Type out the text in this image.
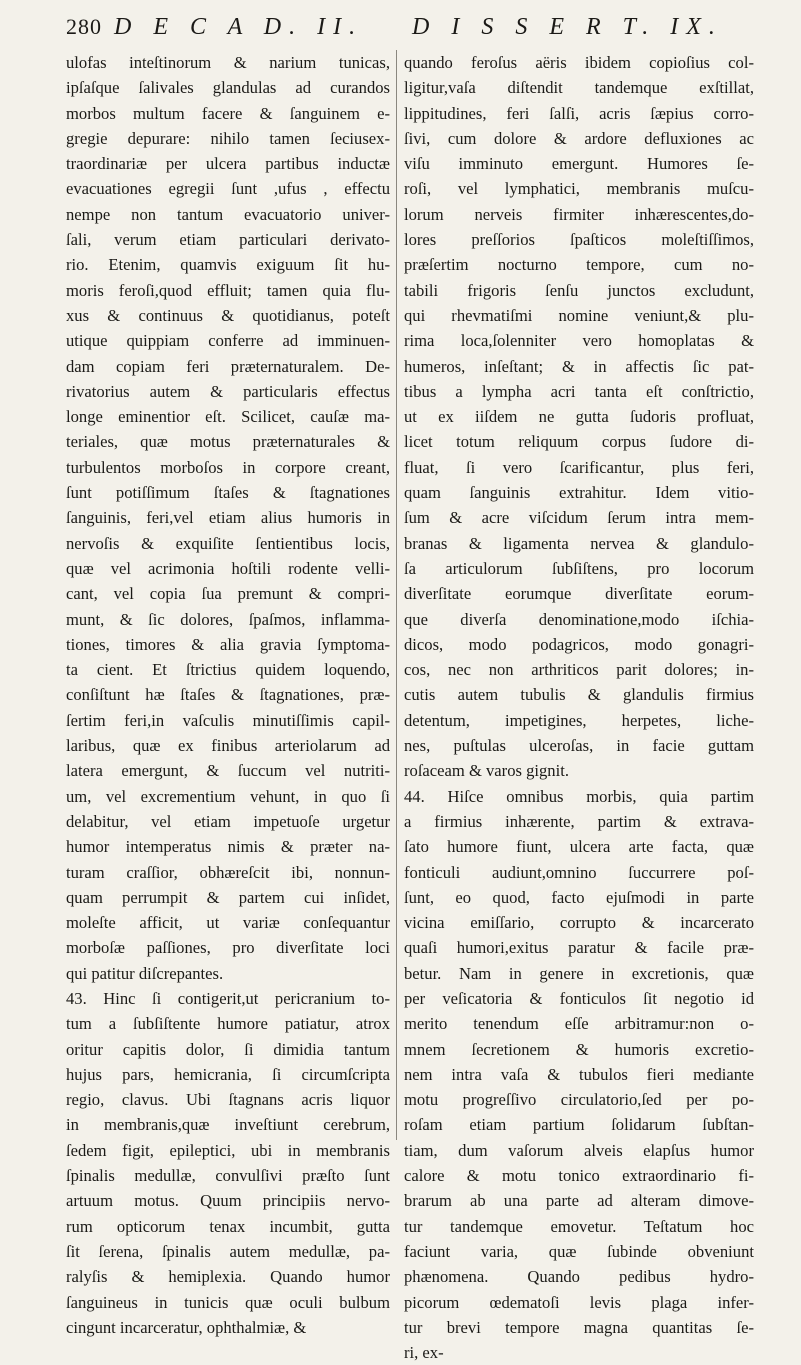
280 D E C A D. II. D I S S E R T. IX.
ulofas inteſtinorum & narium tunicas,
ipſaſque ſalivales glandulas ad curandos
morbos multum facere & ſanguinem e-
gregie depurare: nihilo tamen ſeciusex-
traordinariæ per ulcera partibus inductæ
evacuationes egregii ſunt ,ufus , effectu
nempe non tantum evacuatorio univer-
ſali, verum etiam particulari derivato-
rio. Etenim, quamvis exiguum ſit hu-
moris feroſi,quod effluit; tamen quia flu-
xus & continuus & quotidianus, poteſt
utique quippiam conferre ad imminuen-
dam copiam feri præternaturalem. De-
rivatorius autem & particularis effectus
longe eminentior eſt. Scilicet, cauſæ ma-
teriales, quæ motus præternaturales &
turbulentos morboſos in corpore creant,
ſunt potiſſimum ſtaſes & ſtagnationes
ſanguinis, feri,vel etiam alius humoris in
nervoſis & exquiſite ſentientibus locis,
quæ vel acrimonia hoſtili rodente velli-
cant, vel copia ſua premunt & compri-
munt, & ſic dolores, ſpaſmos, inflamma-
tiones, timores & alia gravia ſymptoma-
ta cient. Et ſtrictius quidem loquendo,
conſiſtunt hæ ſtaſes & ſtagnationes, præ-
ſertim feri,in vaſculis minutiſſimis capil-
laribus, quæ ex finibus arteriolarum ad
latera emergunt, & ſuccum vel nutriti-
um, vel excrementium vehunt, in quo ſi
delabitur, vel etiam impetuoſe urgetur
humor intemperatus nimis & præter na-
turam craſſior, obhæreſcit ibi, nonnun-
quam perrumpit & partem cui inſidet,
moleſte afficit, ut variæ conſequantur
morboſæ paſſiones, pro diverſitate loci
qui patitur diſcrepantes.
43. Hinc ſi contigerit,ut pericranium to-
tum a ſubſiſtente humore patiatur, atrox
oritur capitis dolor, ſi dimidia tantum
hujus pars, hemicrania, ſi circumſcripta
regio, clavus. Ubi ſtagnans acris liquor
in membranis,quæ inveſtiunt cerebrum,
ſedem figit, epileptici, ubi in membranis
ſpinalis medullæ, convulſivi præſto ſunt
artuum motus. Quum principiis nervo-
rum opticorum tenax incumbit, gutta
ſit ſerena, ſpinalis autem medullæ, pa-
ralyſis & hemiplexia. Quando humor
ſanguineus in tunicis quæ oculi bulbum
cingunt incarceratur, ophthalmiæ, &
quando feroſus aëris ibidem copioſius col-
ligitur,vaſa diſtendit tandemque exſtillat,
lippitudines, feri ſalſi, acris ſæpius corro-
ſivi, cum dolore & ardore defluxiones ac
viſu imminuto emergunt. Humores ſe-
roſi, vel lymphatici, membranis muſcu-
lorum nerveis firmiter inhærescentes,do-
lores preſſorios ſpaſticos moleſtiſſimos,
præſertim nocturno tempore, cum no-
tabili frigoris ſenſu junctos excludunt,
qui rhevmatiſmi nomine veniunt,& plu-
rima loca,ſolenniter vero homoplatas &
humeros, inſeſtant; & in affectis ſic pat-
tibus a lympha acri tanta eſt conſtrictio,
ut ex iiſdem ne gutta ſudoris profluat,
licet totum reliquum corpus ſudore di-
fluat, ſi vero ſcarificantur, plus feri,
quam ſanguinis extrahitur. Idem vitio-
ſum & acre viſcidum ſerum intra mem-
branas & ligamenta nervea & glandulo-
ſa articulorum ſubſiſtens, pro locorum
diverſitate eorumque diverſitate eorum-
que diverſa denominatione,modo iſchia-
dicos, modo podagricos, modo gonagri-
cos, nec non arthriticos parit dolores; in-
cutis autem tubulis & glandulis firmius
detentum, impetigines, herpetes, liche-
nes, puſtulas ulceroſas, in facie guttam
roſaceam & varos gignit.
44. Hiſce omnibus morbis, quia partim
a firmius inhærente, partim & extrava-
ſato humore fiunt, ulcera arte facta, quæ
fonticuli audiunt,omnino ſuccurrere poſ-
ſunt, eo quod, facto ejuſmodi in parte
vicina emiſſario, corrupto & incarcerato
quaſi humori,exitus paratur & facile præ-
betur. Nam in genere in excretionis, quæ
per veſicatoria & fonticulos ſit negotio id
merito tenendum eſſe arbitramur:non o-
mnem ſecretionem & humoris excretio-
nem intra vaſa & tubulos fieri mediante
motu progreſſivo circulatorio,ſed per po-
roſam etiam partium ſolidarum ſubſtan-
tiam, dum vaſorum alveis elapſus humor
calore & motu tonico extraordinario fi-
brarum ab una parte ad alteram dimove-
tur tandemque emovetur. Teſtatum hoc
faciunt varia, quæ ſubinde obveniunt
phænomena. Quando pedibus hydro-
picorum œdematoſi levis plaga infer-
tur brevi tempore magna quantitas ſe-
ri, ex-
